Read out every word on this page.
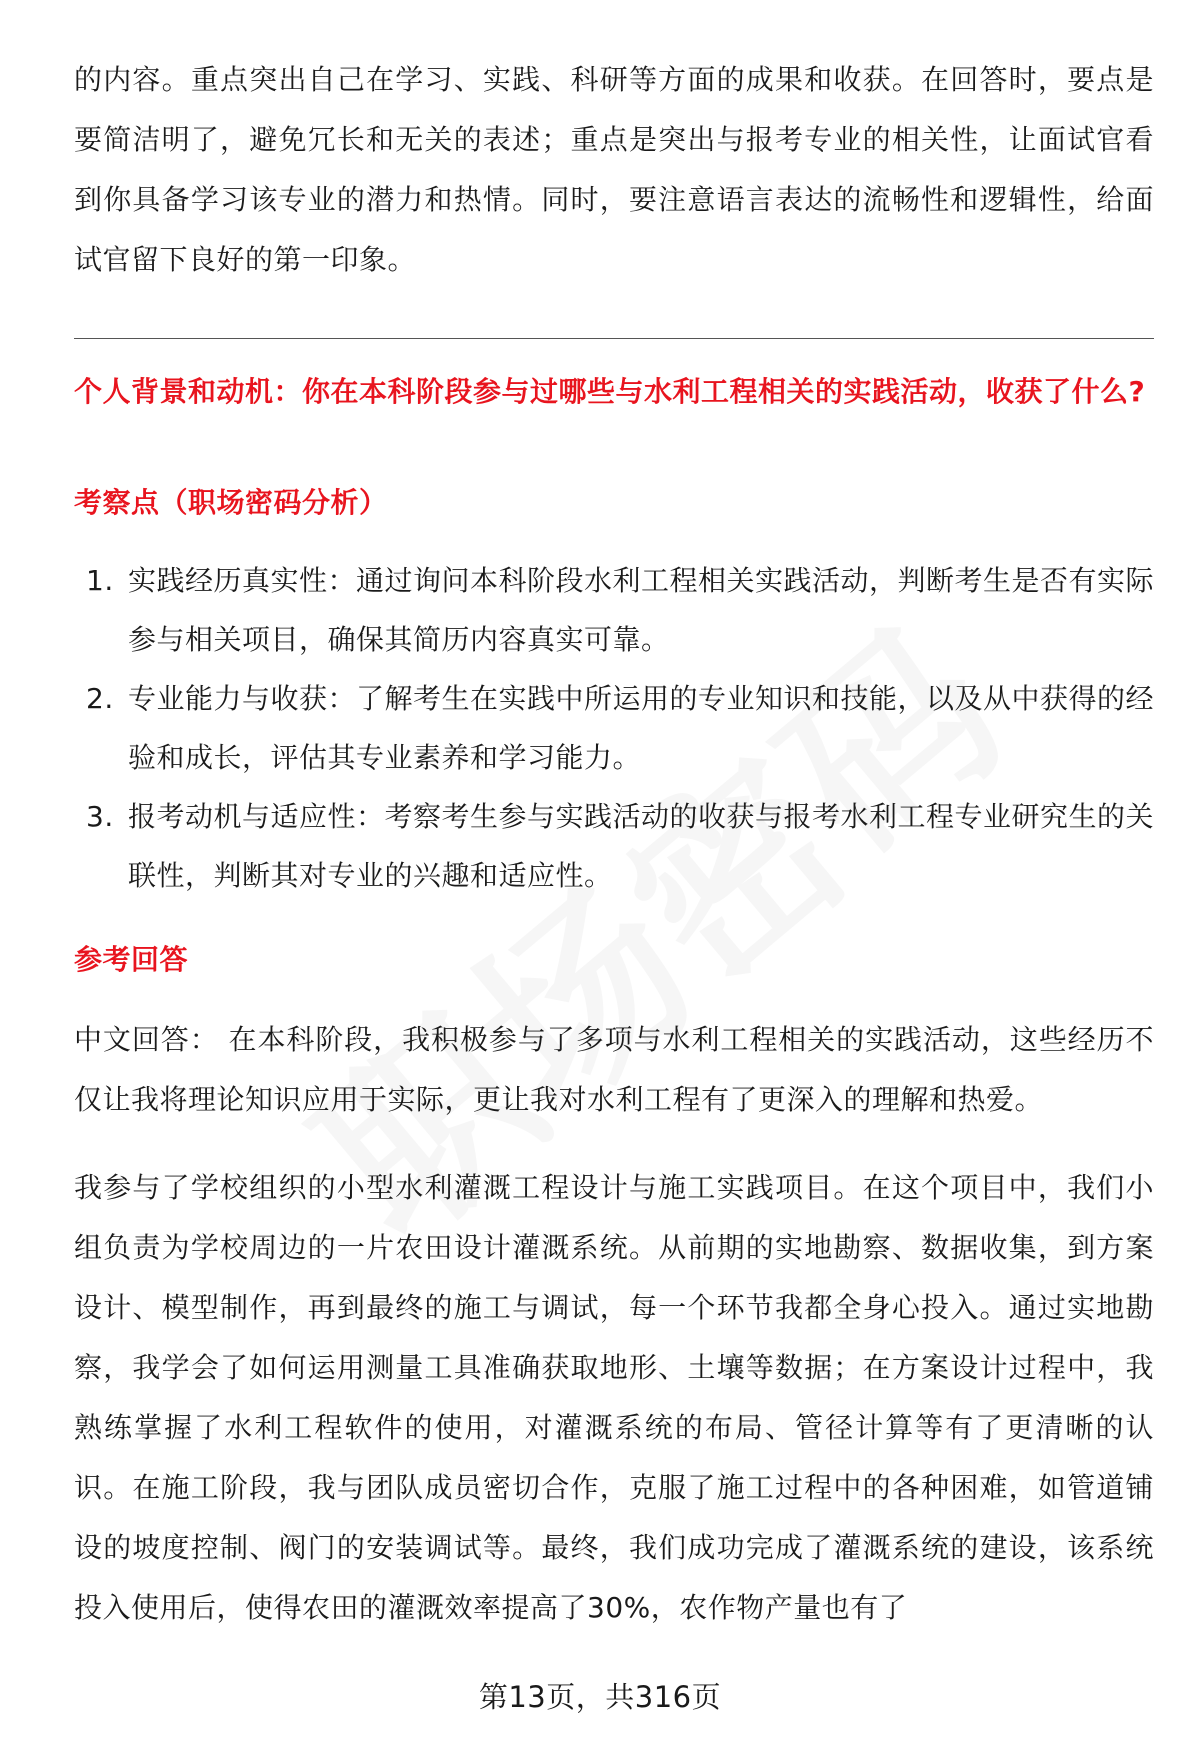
的内容。重点突出自己在学习、实践、科研等方面的成果和收获。在回答时，要点是要简洁明了，避免冗长和无关的表述；重点是突出与报考专业的相关性，让面试官看到你具备学习该专业的潜力和热情。同时，要注意语言表达的流畅性和逻辑性，给面试官留下良好的第一印象。

个人背景和动机：你在本科阶段参与过哪些与水利工程相关的实践活动，收获了什么?

考察点（职场密码分析）

1. 实践经历真实性：通过询问本科阶段水利工程相关实践活动，判断考生是否有实际参与相关项目，确保其简历内容真实可靠。
2. 专业能力与收获：了解考生在实践中所运用的专业知识和技能，以及从中获得的经验和成长，评估其专业素养和学习能力。
3. 报考动机与适应性：考察考生参与实践活动的收获与报考水利工程专业研究生的关联性，判断其对专业的兴趣和适应性。

参考回答

中文回答： 在本科阶段，我积极参与了多项与水利工程相关的实践活动，这些经历不仅让我将理论知识应用于实际，更让我对水利工程有了更深入的理解和热爱。

我参与了学校组织的小型水利灌溉工程设计与施工实践项目。在这个项目中，我们小组负责为学校周边的一片农田设计灌溉系统。从前期的实地勘察、数据收集，到方案设计、模型制作，再到最终的施工与调试，每一个环节我都全身心投入。通过实地勘察，我学会了如何运用测量工具准确获取地形、土壤等数据；在方案设计过程中，我熟练掌握了水利工程软件的使用，对灌溉系统的布局、管径计算等有了更清晰的认识。在施工阶段，我与团队成员密切合作，克服了施工过程中的各种困难，如管道铺设的坡度控制、阀门的安装调试等。最终，我们成功完成了灌溉系统的建设，该系统投入使用后，使得农田的灌溉效率提高了30%，农作物产量也有了

第13页，共316页
